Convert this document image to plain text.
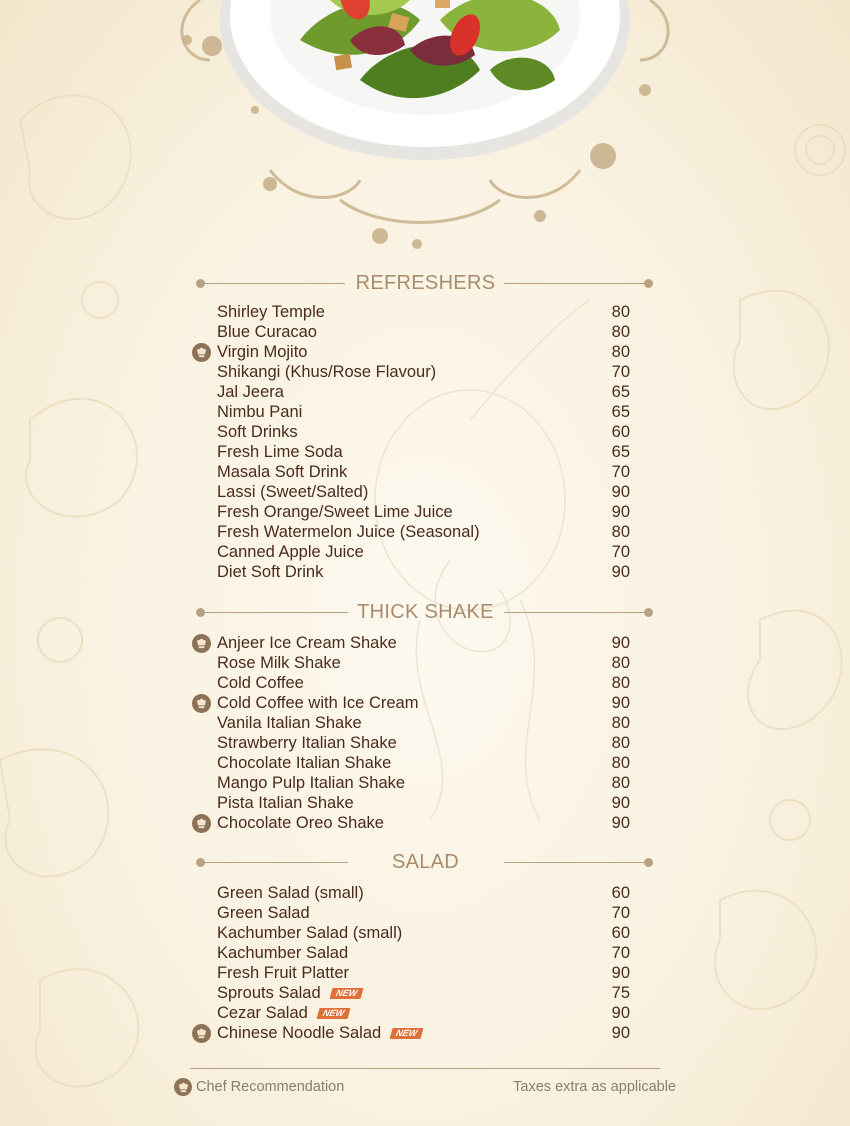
REFRESHERS
Shirley Temple	80
Blue Curacao	80
Virgin Mojito	80
Shikangi (Khus/Rose Flavour)	70
Jal Jeera	65
Nimbu Pani	65
Soft Drinks	60
Fresh Lime Soda	65
Masala Soft Drink	70
Lassi (Sweet/Salted)	90
Fresh Orange/Sweet Lime Juice	90
Fresh Watermelon Juice (Seasonal)	80
Canned Apple Juice	70
Diet Soft Drink	90
THICK SHAKE
Anjeer Ice Cream Shake	90
Rose Milk Shake	80
Cold Coffee	80
Cold Coffee with Ice Cream	90
Vanila Italian Shake	80
Strawberry Italian Shake	80
Chocolate Italian Shake	80
Mango Pulp Italian Shake	80
Pista Italian Shake	90
Chocolate Oreo Shake	90
SALAD
Green Salad (small)	60
Green Salad	70
Kachumber Salad (small)	60
Kachumber Salad	70
Fresh Fruit Platter	90
Sprouts Salad NEW	75
Cezar Salad NEW	90
Chinese Noodle Salad NEW	90
Chef Recommendation	Taxes extra as applicable
